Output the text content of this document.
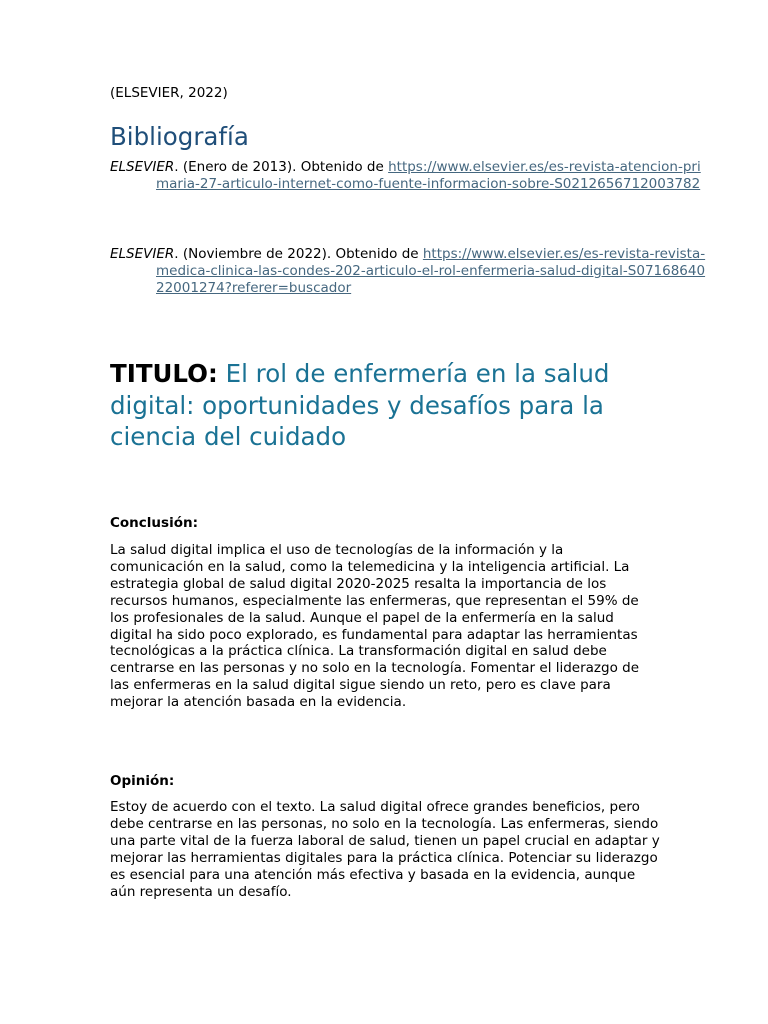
(ELSEVIER, 2022)
Bibliografía

ELSEVIER. (Enero de 2013). Obtenido de https://www.elsevier.es/es-revista-atencion-primaria-27-articulo-internet-como-fuente-informacion-sobre-S0212656712003782

ELSEVIER. (Noviembre de 2022). Obtenido de https://www.elsevier.es/es-revista-revista-medica-clinica-las-condes-202-articulo-el-rol-enfermeria-salud-digital-S0716864022001274?referer=buscador

TITULO: El rol de enfermería en la salud digital: oportunidades y desafíos para la ciencia del cuidado
Conclusión:

La salud digital implica el uso de tecnologías de la información y la comunicación en la salud, como la telemedicina y la inteligencia artificial. La estrategia global de salud digital 2020-2025 resalta la importancia de los recursos humanos, especialmente las enfermeras, que representan el 59% de los profesionales de la salud. Aunque el papel de la enfermería en la salud digital ha sido poco explorado, es fundamental para adaptar las herramientas tecnológicas a la práctica clínica. La transformación digital en salud debe centrarse en las personas y no solo en la tecnología. Fomentar el liderazgo de las enfermeras en la salud digital sigue siendo un reto, pero es clave para mejorar la atención basada en la evidencia.

Opinión:

Estoy de acuerdo con el texto. La salud digital ofrece grandes beneficios, pero debe centrarse en las personas, no solo en la tecnología. Las enfermeras, siendo una parte vital de la fuerza laboral de salud, tienen un papel crucial en adaptar y mejorar las herramientas digitales para la práctica clínica. Potenciar su liderazgo es esencial para una atención más efectiva y basada en la evidencia, aunque aún representa un desafío.
